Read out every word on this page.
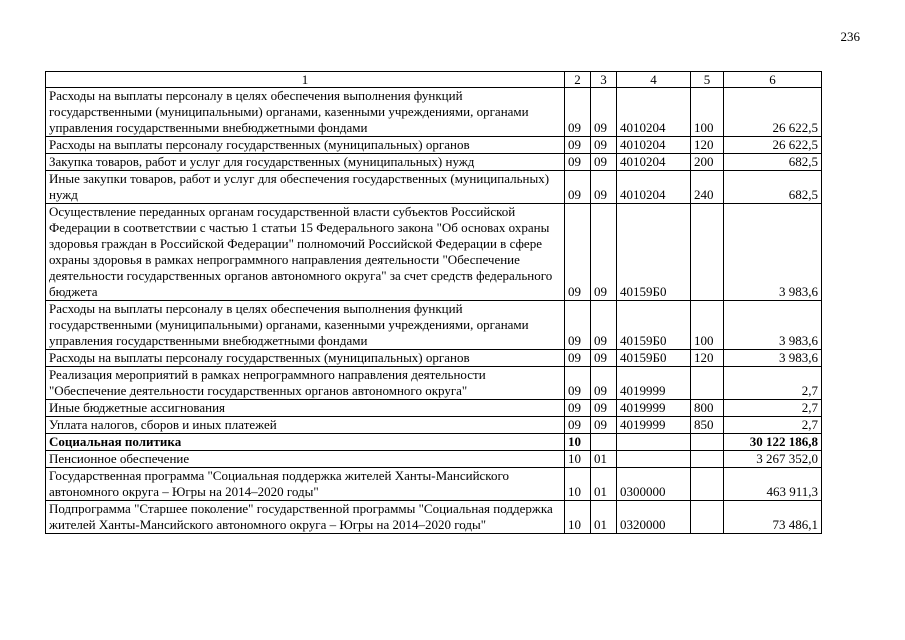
236
1	2	3	4	5	6
Расходы на выплаты персоналу в целях обеспечения выполнения функций государственными (муниципальными) органами, казенными учреждениями, органами управления государственными внебюджетными фондами	09	09	4010204	100	26 622,5
Расходы на выплаты персоналу государственных (муниципальных) органов	09	09	4010204	120	26 622,5
Закупка товаров, работ и услуг для государственных (муниципальных) нужд	09	09	4010204	200	682,5
Иные закупки товаров, работ и услуг для обеспечения государственных (муниципальных) нужд	09	09	4010204	240	682,5
Осуществление переданных органам государственной власти субъектов Российской Федерации в соответствии с частью 1 статьи 15 Федерального закона "Об основах охраны здоровья граждан в Российской Федерации" полномочий Российской Федерации в сфере охраны здоровья в рамках непрограммного направления деятельности "Обеспечение деятельности государственных органов автономного округа" за счет средств федерального бюджета	09	09	40159Б0		3 983,6
Расходы на выплаты персоналу в целях обеспечения выполнения функций государственными (муниципальными) органами, казенными учреждениями, органами управления государственными внебюджетными фондами	09	09	40159Б0	100	3 983,6
Расходы на выплаты персоналу государственных (муниципальных) органов	09	09	40159Б0	120	3 983,6
Реализация мероприятий в рамках непрограммного направления деятельности "Обеспечение деятельности государственных органов автономного округа"	09	09	4019999		2,7
Иные бюджетные ассигнования	09	09	4019999	800	2,7
Уплата налогов, сборов и иных платежей	09	09	4019999	850	2,7
Социальная политика	10				30 122 186,8
Пенсионное обеспечение	10	01			3 267 352,0
Государственная программа "Социальная поддержка жителей Ханты-Мансийского автономного округа – Югры на 2014–2020 годы"	10	01	0300000		463 911,3
Подпрограмма "Старшее поколение" государственной программы "Социальная поддержка жителей Ханты-Мансийского автономного округа – Югры на 2014–2020 годы"	10	01	0320000		73 486,1
